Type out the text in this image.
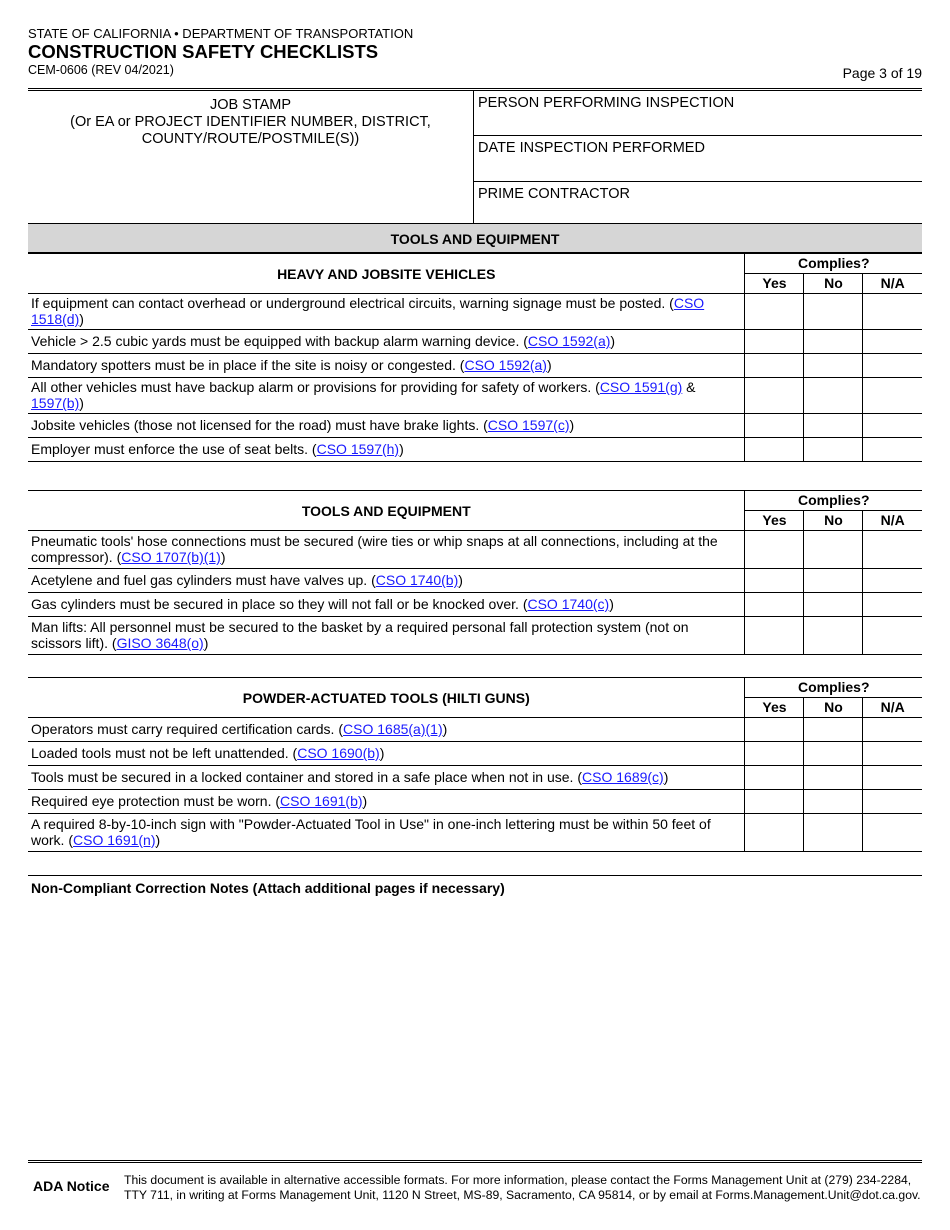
STATE OF CALIFORNIA • DEPARTMENT OF TRANSPORTATION
CONSTRUCTION SAFETY CHECKLISTS
CEM-0606 (REV 04/2021)	Page 3 of 19
JOB STAMP
(Or EA or PROJECT IDENTIFIER NUMBER, DISTRICT,
COUNTY/ROUTE/POSTMILE(S))
PERSON PERFORMING INSPECTION
DATE INSPECTION PERFORMED
PRIME CONTRACTOR
TOOLS AND EQUIPMENT
HEAVY AND JOBSITE VEHICLES	Complies?		
	Yes	No	N/A
If equipment can contact overhead or underground electrical circuits, warning signage must be posted. (CSO 1518(d))			
Vehicle > 2.5 cubic yards must be equipped with backup alarm warning device. (CSO 1592(a))			
Mandatory spotters must be in place if the site is noisy or congested. (CSO 1592(a))			
All other vehicles must have backup alarm or provisions for providing for safety of workers. (CSO 1591(g) & 1597(b))			
Jobsite vehicles (those not licensed for the road) must have brake lights. (CSO 1597(c))			
Employer must enforce the use of seat belts. (CSO 1597(h))			
TOOLS AND EQUIPMENT	Complies?		
	Yes	No	N/A
Pneumatic tools' hose connections must be secured (wire ties or whip snaps at all connections, including at the compressor). (CSO 1707(b)(1))			
Acetylene and fuel gas cylinders must have valves up. (CSO 1740(b))			
Gas cylinders must be secured in place so they will not fall or be knocked over. (CSO 1740(c))			
Man lifts: All personnel must be secured to the basket by a required personal fall protection system (not on scissors lift). (GISO 3648(o))			
POWDER-ACTUATED TOOLS (HILTI GUNS)	Complies?		
	Yes	No	N/A
Operators must carry required certification cards. (CSO 1685(a)(1))			
Loaded tools must not be left unattended. (CSO 1690(b))			
Tools must be secured in a locked container and stored in a safe place when not in use. (CSO 1689(c))			
Required eye protection must be worn. (CSO 1691(b))			
A required 8-by-10-inch sign with "Powder-Actuated Tool in Use" in one-inch lettering must be within 50 feet of work. (CSO 1691(n))			
Non-Compliant Correction Notes (Attach additional pages if necessary)
ADA Notice	This document is available in alternative accessible formats. For more information, please contact the Forms Management Unit at (279) 234-2284, TTY 711, in writing at Forms Management Unit, 1120 N Street, MS-89, Sacramento, CA 95814, or by email at Forms.Management.Unit@dot.ca.gov.
